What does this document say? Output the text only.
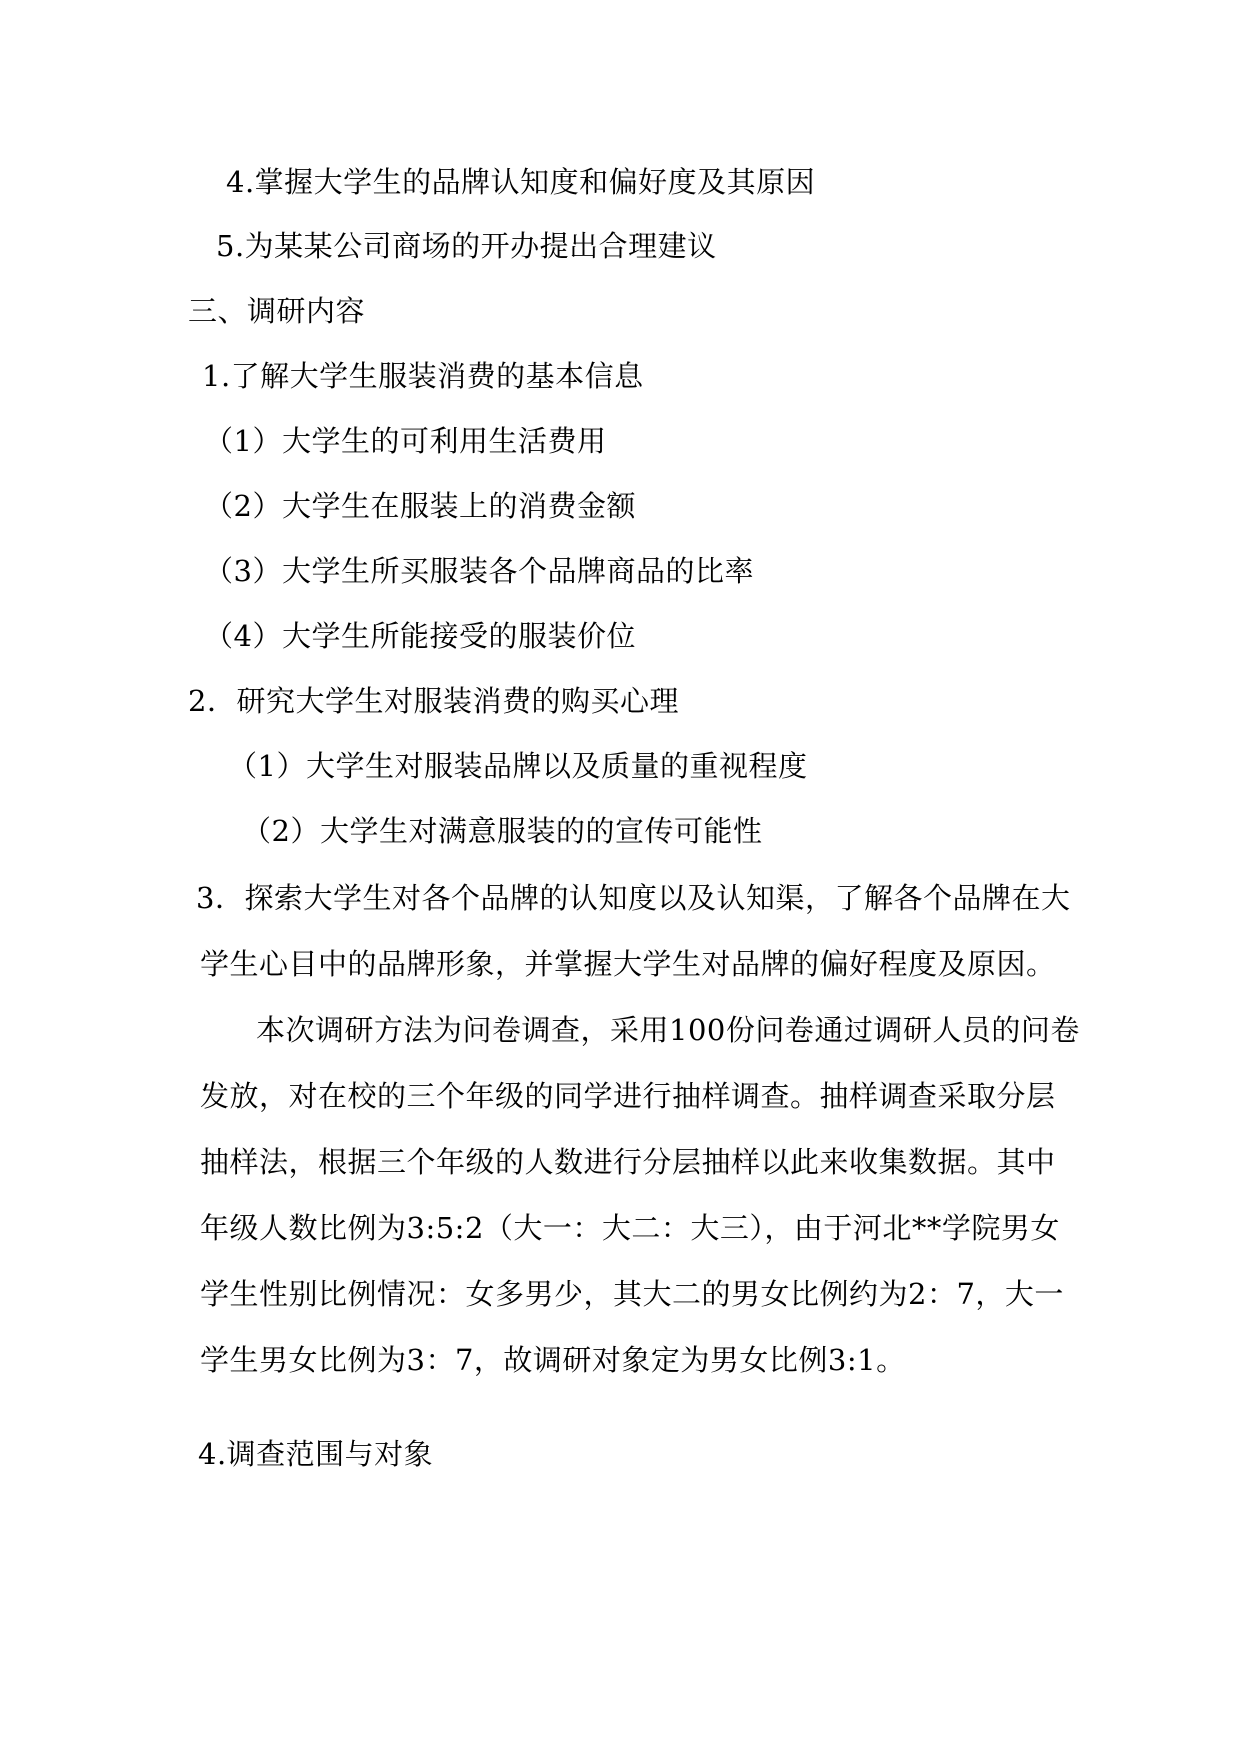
4.掌握大学生的品牌认知度和偏好度及其原因
5.为某某公司商场的开办提出合理建议
三、调研内容
1.了解大学生服装消费的基本信息
（1）大学生的可利用生活费用
（2）大学生在服装上的消费金额
（3）大学生所买服装各个品牌商品的比率
（4）大学生所能接受的服装价位
2．研究大学生对服装消费的购买心理
（1）大学生对服装品牌以及质量的重视程度
（2）大学生对满意服装的的宣传可能性
3．探索大学生对各个品牌的认知度以及认知渠，了解各个品牌在大
学生心目中的品牌形象，并掌握大学生对品牌的偏好程度及原因。
本次调研方法为问卷调查，采用100份问卷通过调研人员的问卷
发放，对在校的三个年级的同学进行抽样调查。抽样调查采取分层
抽样法，根据三个年级的人数进行分层抽样以此来收集数据。其中
年级人数比例为3:5:2（大一：大二：大三），由于河北**学院男女
学生性别比例情况：女多男少，其大二的男女比例约为2：7，大一
学生男女比例为3：7，故调研对象定为男女比例3:1。
4.调查范围与对象
